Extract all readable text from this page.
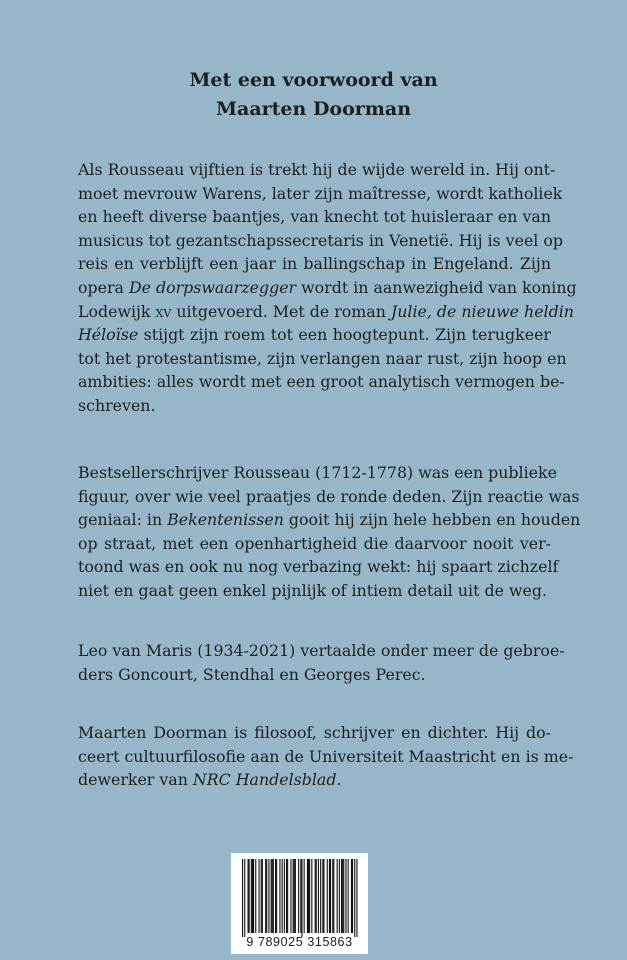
Met een voorwoord van
Maarten Doorman
Als Rousseau vijftien is trekt hij de wijde wereld in. Hij ont-
moet mevrouw Warens, later zijn maîtresse, wordt katholiek
en heeft diverse baantjes, van knecht tot huisleraar en van
musicus tot gezantschapssecretaris in Venetië. Hij is veel op
reis en verblijft een jaar in ballingschap in Engeland. Zijn
opera De dorpswaarzegger wordt in aanwezigheid van koning
Lodewijk xv uitgevoerd. Met de roman Julie, de nieuwe heldin
Héloïse stijgt zijn roem tot een hoogtepunt. Zijn terugkeer
tot het protestantisme, zijn verlangen naar rust, zijn hoop en
ambities: alles wordt met een groot analytisch vermogen be-
schreven.
Bestsellerschrijver Rousseau (1712-1778) was een publieke
figuur, over wie veel praatjes de ronde deden. Zijn reactie was
geniaal: in Bekentenissen gooit hij zijn hele hebben en houden
op straat, met een openhartigheid die daarvoor nooit ver-
toond was en ook nu nog verbazing wekt: hij spaart zichzelf
niet en gaat geen enkel pijnlijk of intiem detail uit de weg.
Leo van Maris (1934-2021) vertaalde onder meer de gebroe-
ders Goncourt, Stendhal en Georges Perec.
Maarten Doorman is filosoof, schrijver en dichter. Hij do-
ceert cultuurfilosofie aan de Universiteit Maastricht en is me-
dewerker van NRC Handelsblad.
9 789025 315863
